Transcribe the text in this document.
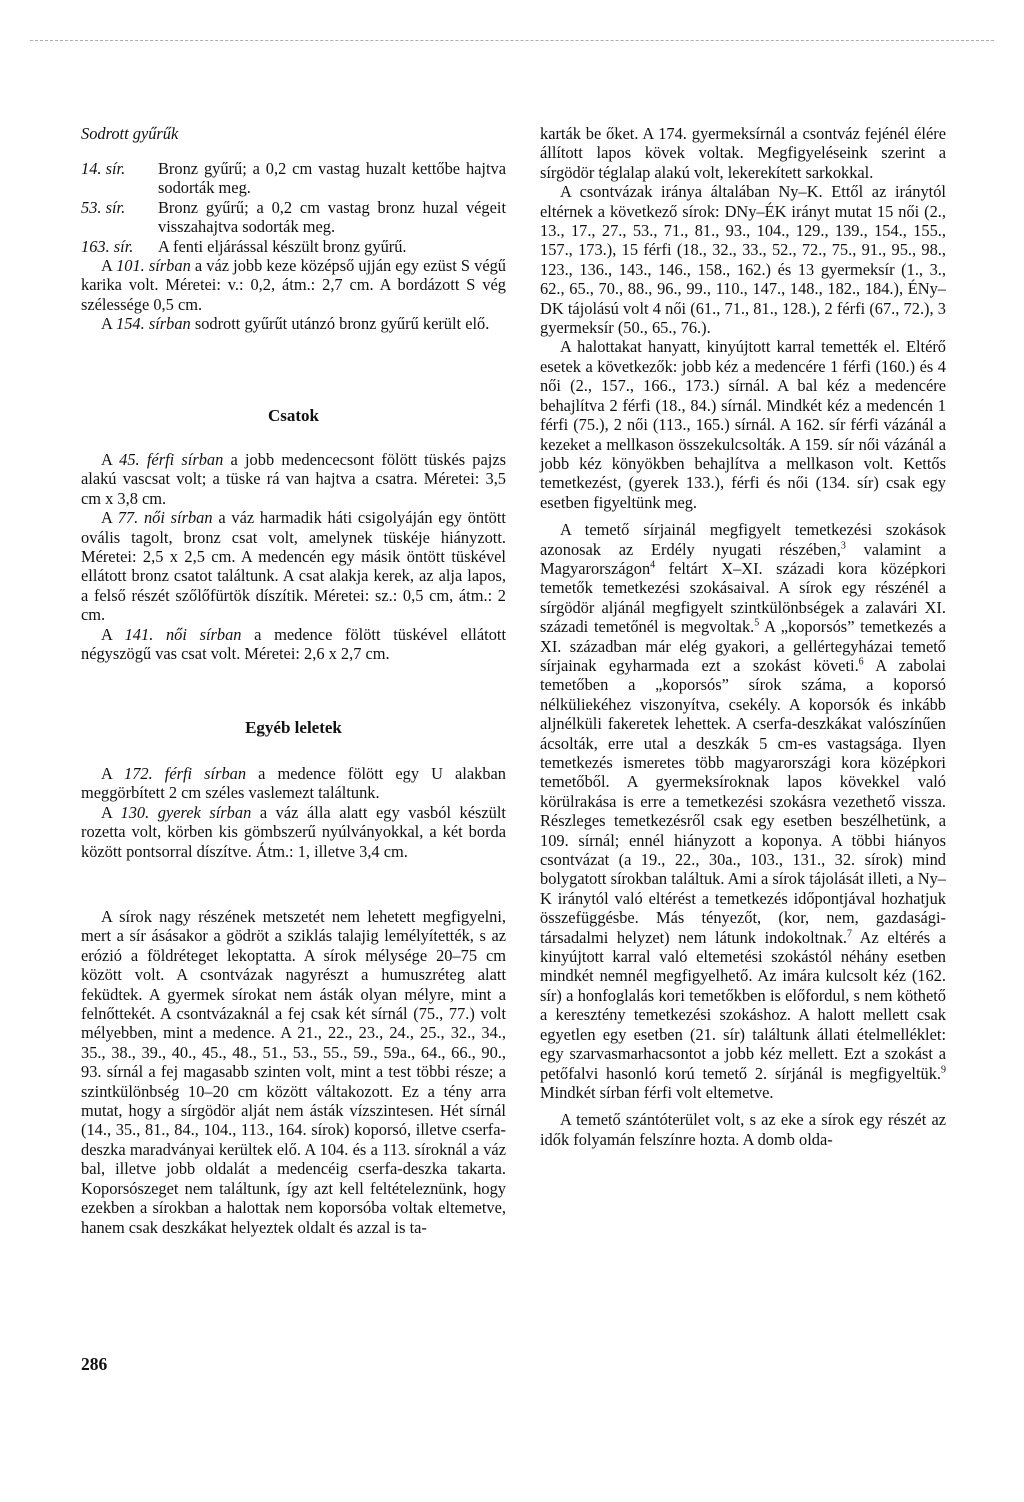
Sodrott gyűrűk
14. sír.	Bronz gyűrű; a 0,2 cm vastag huzalt kettőbe hajtva sodorták meg.
53. sír.	Bronz gyűrű; a 0,2 cm vastag bronz huzal végeit visszahajtva sodorták meg.
163. sír.	A fenti eljárással készült bronz gyűrű.

A 101. sírban a váz jobb keze középső ujján egy ezüst S végű karika volt. Méretei: v.: 0,2, átm.: 2,7 cm. A bordázott S vég szélessége 0,5 cm.

A 154. sírban sodrott gyűrűt utánzó bronz gyűrű került elő.

Csatok

A 45. férfi sírban a jobb medencecsont fölött tüskés pajzs alakú vascsat volt; a tüske rá van hajtva a csatra. Méretei: 3,5 cm x 3,8 cm.

A 77. női sírban a váz harmadik háti csigolyáján egy öntött ovális tagolt, bronz csat volt, amelynek tüskéje hiányzott. Méretei: 2,5 x 2,5 cm. A medencén egy másik öntött tüskével ellátott bronz csatot találtunk. A csat alakja kerek, az alja lapos, a felső részét szőlőfürtök díszítik. Méretei: sz.: 0,5 cm, átm.: 2 cm.

A 141. női sírban a medence fölött tüskével ellátott négyszögű vas csat volt. Méretei: 2,6 x 2,7 cm.

Egyéb leletek

A 172. férfi sírban a medence fölött egy U alakban meggörbített 2 cm széles vaslemezt találtunk.

A 130. gyerek sírban a váz álla alatt egy vasból készült rozetta volt, körben kis gömbszerű nyúlványokkal, a két borda között pontsorral díszítve. Átm.: 1, illetve 3,4 cm.

A sírok nagy részének metszetét nem lehetett megfigyelni, mert a sír ásásakor a gödröt a sziklás talajig lemélyítették, s az erózió a földréteget lekoptatta. A sírok mélysége 20–75 cm között volt. A csontvázak nagyrészt a humuszréteg alatt feküdtek. A gyermek sírokat nem ásták olyan mélyre, mint a felnőttekét. A csontvázaknál a fej csak két sírnál (75., 77.) volt mélyebben, mint a medence. A 21., 22., 23., 24., 25., 32., 34., 35., 38., 39., 40., 45., 48., 51., 53., 55., 59., 59a., 64., 66., 90., 93. sírnál a fej magasabb szinten volt, mint a test többi része; a szintkülönbség 10–20 cm között váltakozott. Ez a tény arra mutat, hogy a sírgödör alját nem ásták vízszintesen. Hét sírnál (14., 35., 81., 84., 104., 113., 164. sírok) koporsó, illetve cserfa-deszka maradványai kerültek elő. A 104. és a 113. síroknál a váz bal, illetve jobb oldalát a medencéig cserfa-deszka takarta. Koporsószeget nem találtunk, így azt kell feltételeznünk, hogy ezekben a sírokban a halottak nem koporsóba voltak eltemetve, hanem csak deszkákat helyeztek oldalt és azzal is ta-

karták be őket. A 174. gyermeksírnál a csontváz fejénél élére állított lapos kövek voltak. Megfigyeléseink szerint a sírgödör téglalap alakú volt, lekerekített sarkokkal.

A csontvázak iránya általában Ny–K. Ettől az iránytól eltérnek a következő sírok: DNy–ÉK irányt mutat 15 női (2., 13., 17., 27., 53., 71., 81., 93., 104., 129., 139., 154., 155., 157., 173.), 15 férfi (18., 32., 33., 52., 72., 75., 91., 95., 98., 123., 136., 143., 146., 158., 162.) és 13 gyermeksír (1., 3., 62., 65., 70., 88., 96., 99., 110., 147., 148., 182., 184.), ÉNy–DK tájolású volt 4 női (61., 71., 81., 128.), 2 férfi (67., 72.), 3 gyermeksír (50., 65., 76.).

A halottakat hanyatt, kinyújtott karral temették el. Eltérő esetek a következők: jobb kéz a medencére 1 férfi (160.) és 4 női (2., 157., 166., 173.) sírnál. A bal kéz a medencére behajlítva 2 férfi (18., 84.) sírnál. Mindkét kéz a medencén 1 férfi (75.), 2 női (113., 165.) sírnál. A 162. sír férfi vázánál a kezeket a mellkason összekulcsolták. A 159. sír női vázánál a jobb kéz könyökben behajlítva a mellkason volt. Kettős temetkezést, (gyerek 133.), férfi és női (134. sír) csak egy esetben figyeltünk meg.

A temető sírjainál megfigyelt temetkezési szokások azonosak az Erdély nyugati részében,$^3$ valamint a Magyarországon$^4$ feltárt X–XI. századi kora középkori temetők temetkezési szokásaival. A sírok egy részénél a sírgödör aljánál megfigyelt szintkülönbségek a zalavári XI. századi temetőnél is megvoltak.$^5$ A „koporsós” temetkezés a XI. században már elég gyakori, a gellértegyházai temető sírjainak egyharmada ezt a szokást követi.$^6$ A zabolai temetőben a „koporsós” sírok száma, a koporsó nélküliekéhez viszonyítva, csekély. A koporsók és inkább aljnélküli fakeretek lehettek. A cserfa-deszkákat valószínűen ácsolták, erre utal a deszkák 5 cm-es vastagsága. Ilyen temetkezés ismeretes több magyarországi kora középkori temetőből. A gyermeksíroknak lapos kövekkel való körülrakása is erre a temetkezési szokásra vezethető vissza. Részleges temetkezésről csak egy esetben beszélhetünk, a 109. sírnál; ennél hiányzott a koponya. A többi hiányos csontvázat (a 19., 22., 30a., 103., 131., 32. sírok) mind bolygatott sírokban találtuk. Ami a sírok tájolását illeti, a Ny–K iránytól való eltérést a temetkezés időpontjával hozhatjuk összefüggésbe. Más tényezőt, (kor, nem, gazdasági-társadalmi helyzet) nem látunk indokoltnak.$^7$ Az eltérés a kinyújtott karral való eltemetési szokástól néhány esetben mindkét nemnél megfigyelhető. Az imára kulcsolt kéz (162. sír) a honfoglalás kori temetőkben is előfordul, s nem köthető a keresztény temetkezési szokáshoz. A halott mellett csak egyetlen egy esetben (21. sír) találtunk állati ételmelléklet: egy szarvasmarhacsontot a jobb kéz mellett. Ezt a szokást a petőfalvi hasonló korú temető 2. sírjánál is megfigyeltük.$^9$ Mindkét sírban férfi volt eltemetve.

A temető szántóterület volt, s az eke a sírok egy részét az idők folyamán felszínre hozta. A domb olda-

286
